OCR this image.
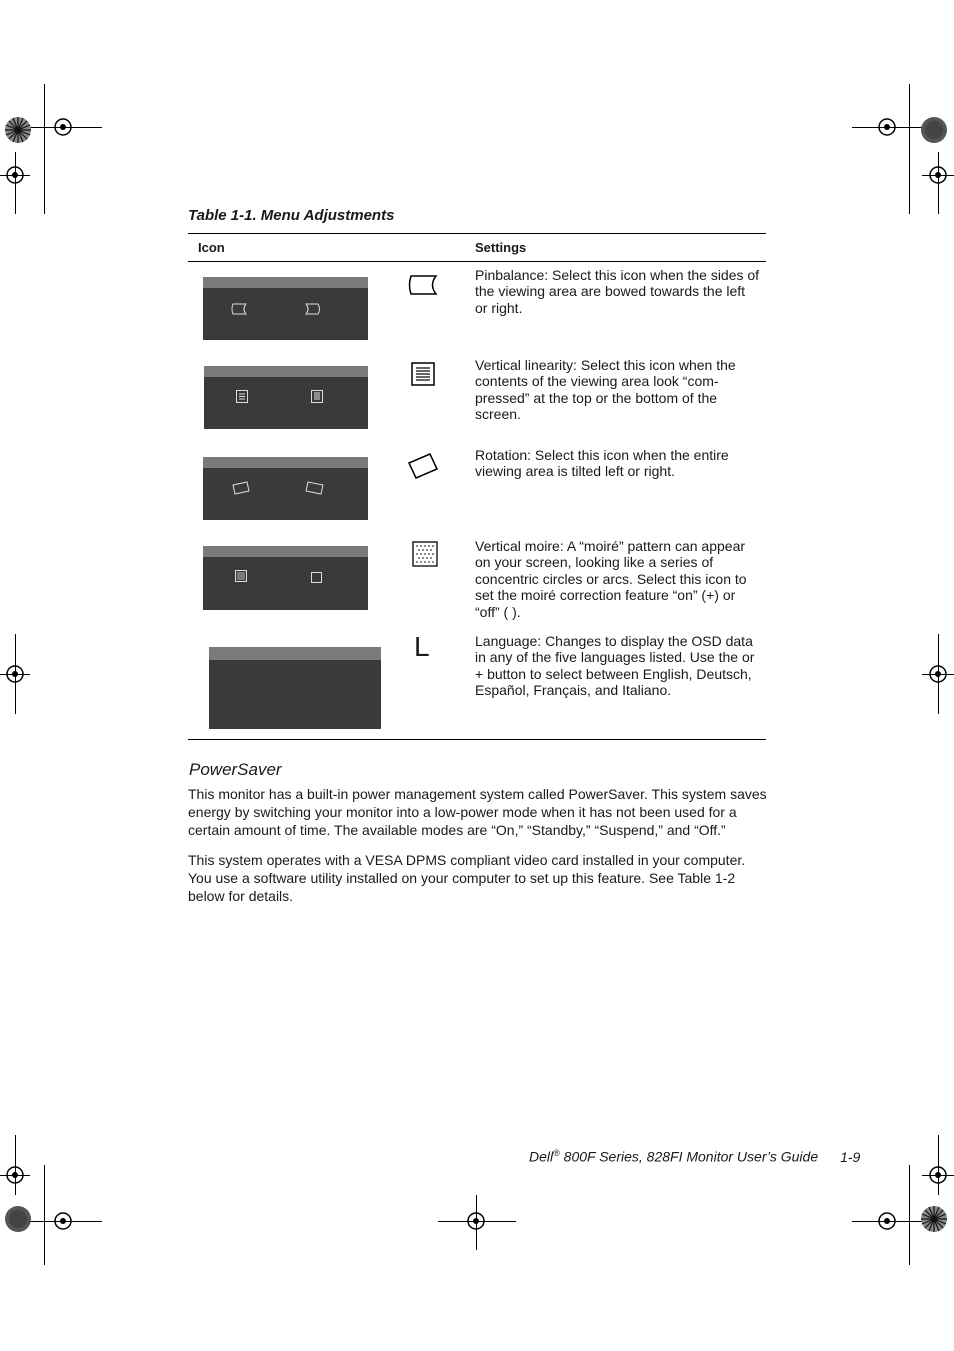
Table 1-1. Menu Adjustments
Icon	Settings
Pinbalance: Select this icon when the sides of the viewing area are bowed towards the left or right.
Vertical linearity: Select this icon when the contents of the viewing area look “com-pressed” at the top or the bottom of the screen.
Rotation: Select this icon when the entire viewing area is tilted left or right.
Vertical moire: A “moiré” pattern can appear on your screen, looking like a series of concentric circles or arcs. Select this icon to set the moiré correction feature “on” (+) or “off” ( ).
L	Language: Changes to display the OSD data in any of the five languages listed. Use the or + button to select between English, Deutsch, Español, Français, and Italiano.
PowerSaver
This monitor has a built-in power management system called PowerSaver. This system saves energy by switching your monitor into a low-power mode when it has not been used for a certain amount of time. The available modes are “On,” “Standby,” “Suspend,” and “Off.”
This system operates with a VESA DPMS compliant video card installed in your computer. You use a software utility installed on your computer to set up this feature. See Table 1-2 below for details.
Dell® 800F Series, 828FI Monitor User’s Guide 1-9
